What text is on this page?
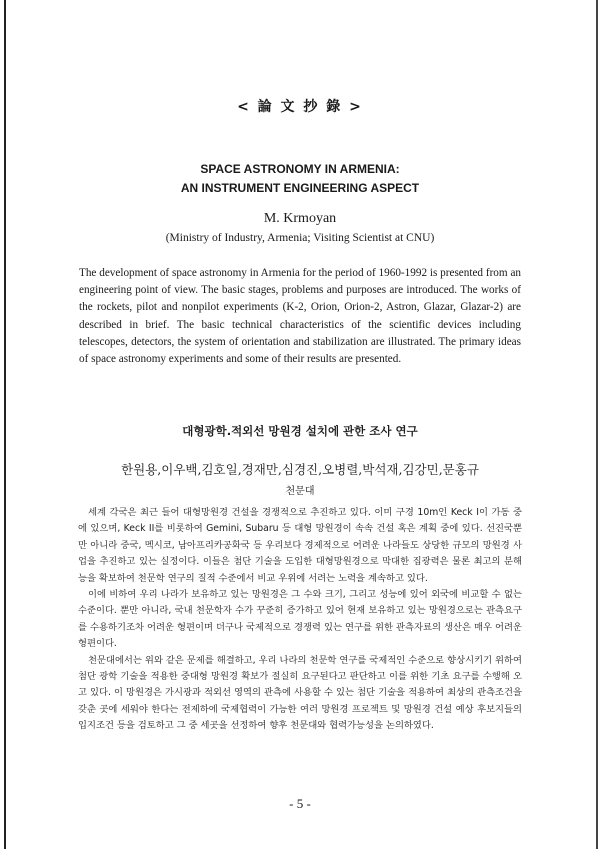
< 論 文 抄 錄 >
SPACE ASTRONOMY IN ARMENIA:
AN INSTRUMENT ENGINEERING ASPECT
M. Krmoyan
(Ministry of Industry, Armenia; Visiting Scientist at CNU)

The development of space astronomy in Armenia for the period of 1960-1992 is presented from an engineering point of view. The basic stages, problems and purposes are introduced. The works of the rockets, pilot and nonpilot experiments (K-2, Orion, Orion-2, Astron, Glazar, Glazar-2) are described in brief. The basic technical characteristics of the scientific devices including telescopes, detectors, the system of orientation and stabilization are illustrated. The primary ideas of space astronomy experiments and some of their results are presented.

대형광학.적외선 망원경 설치에 관한 조사 연구
한원용,이우백,김호일,경재만,심경진,오병렬,박석재,김강민,문홍규
천문대

세계 각국은 최근 들어 대형망원경 건설을 경쟁적으로 추진하고 있다. 이미 구경 10m인 Keck I이 가동 중에 있으며, Keck II를 비롯하여 Gemini, Subaru 등 대형 망원경이 속속 건설 혹은 계획 중에 있다. 선진국뿐만 아니라 중국, 멕시코, 남아프리카공화국 등 우리보다 경제적으로 어려운 나라들도 상당한 규모의 망원경 사업을 추진하고 있는 실정이다. 이들은 첨단 기술을 도입한 대형망원경으로 막대한 집광력은 물론 최고의 분해능을 확보하여 천문학 연구의 질적 수준에서 비교 우위에 서려는 노력을 계속하고 있다.

이에 비하여 우리 나라가 보유하고 있는 망원경은 그 수와 크기, 그리고 성능에 있어 외국에 비교할 수 없는 수준이다. 뿐만 아니라, 국내 천문학자 수가 꾸준히 증가하고 있어 현재 보유하고 있는 망원경으로는 관측요구를 수용하기조차 어려운 형편이며 더구나 국제적으로 경쟁력 있는 연구를 위한 관측자료의 생산은 매우 어려운 형편이다.

천문대에서는 위와 같은 문제를 해결하고, 우리 나라의 천문학 연구를 국제적인 수준으로 향상시키기 위하여 첨단 광학 기술을 적용한 중대형 망원경 확보가 절실히 요구된다고 판단하고 이를 위한 기초 요구를 수행해 오고 있다. 이 망원경은 가시광과 적외선 영역의 관측에 사용할 수 있는 첨단 기술을 적용하여 최상의 관측조건을 갖춘 곳에 세워야 한다는 전제하에 국제협력이 가능한 여러 망원경 프로젝트 및 망원경 건설 예상 후보지들의 입지조건 등을 검토하고 그 중 세곳을 선정하여 향후 천문대와 협력가능성을 논의하였다.

- 5 -
